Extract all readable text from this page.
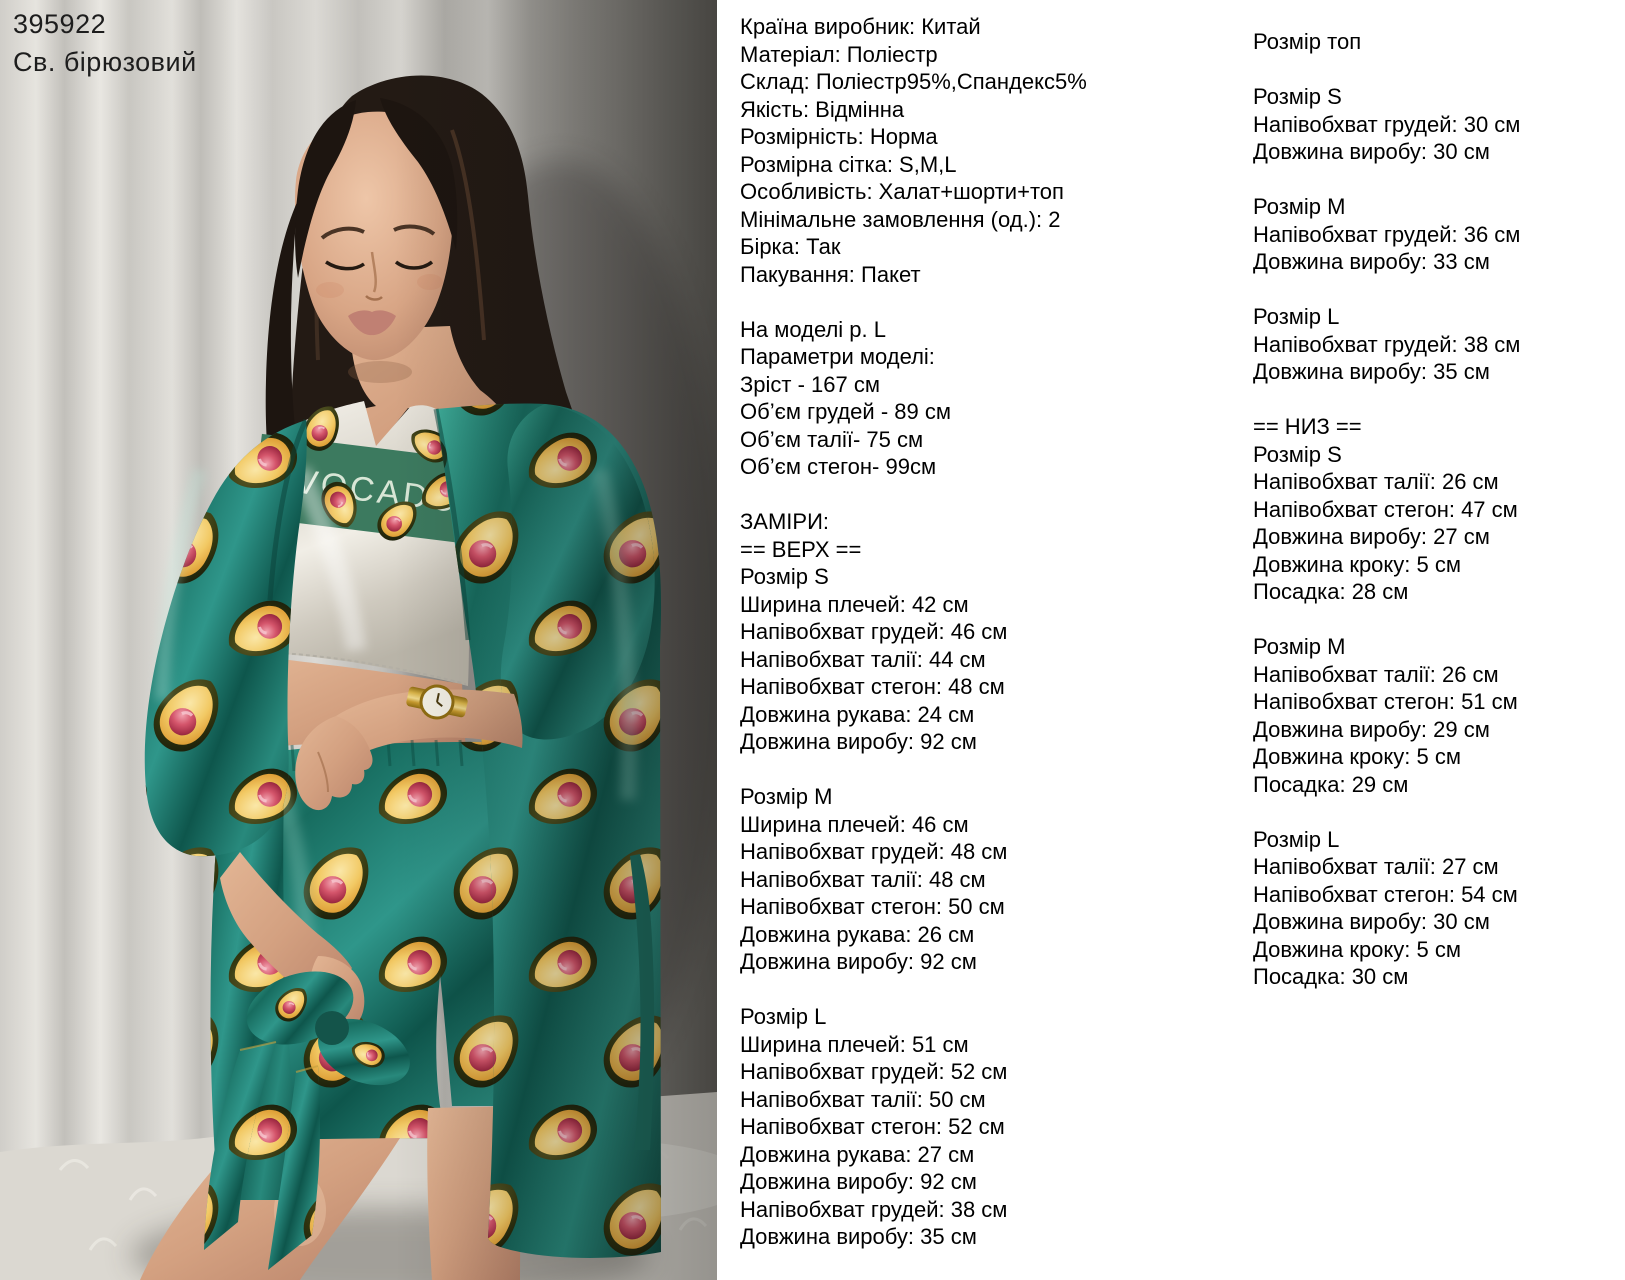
395922
Св. бірюзовий
Країна виробник: Китай
Матеріал: Поліестр
Склад: Поліестр95%,Спандекс5%
Якість: Відмінна
Розмірність: Норма
Розмірна сітка: S,M,L
Особливість: Халат+шорти+топ
Мінімальне замовлення (од.): 2
Бірка: Так
Пакування: Пакет
На моделі р. L
Параметри моделі:
Зріст - 167 см
Об’єм грудей - 89 см
Об’єм талії- 75 см
Об’єм стегон- 99см
ЗАМІРИ:
== ВЕРХ ==
Розмір S
Ширина плечей: 42 см
Напівобхват грудей: 46 см
Напівобхват талії: 44 см
Напівобхват стегон: 48 см
Довжина рукава: 24 см
Довжина виробу: 92 см
Розмір M
Ширина плечей: 46 см
Напівобхват грудей: 48 см
Напівобхват талії: 48 см
Напівобхват стегон: 50 см
Довжина рукава: 26 см
Довжина виробу: 92 см
Розмір L
Ширина плечей: 51 см
Напівобхват грудей: 52 см
Напівобхват талії: 50 см
Напівобхват стегон: 52 см
Довжина рукава: 27 см
Довжина виробу: 92 см
Напівобхват грудей: 38 см
Довжина виробу: 35 см
Розмір топ
Розмір S
Напівобхват грудей: 30 см
Довжина виробу: 30 см
Розмір M
Напівобхват грудей: 36 см
Довжина виробу: 33 см
Розмір L
Напівобхват грудей: 38 см
Довжина виробу: 35 см
== НИЗ ==
Розмір S
Напівобхват талії: 26 см
Напівобхват стегон: 47 см
Довжина виробу: 27 см
Довжина кроку: 5 см
Посадка: 28 см
Розмір M
Напівобхват талії: 26 см
Напівобхват стегон: 51 см
Довжина виробу: 29 см
Довжина кроку: 5 см
Посадка: 29 см
Розмір L
Напівобхват талії: 27 см
Напівобхват стегон: 54 см
Довжина виробу: 30 см
Довжина кроку: 5 см
Посадка: 30 см
